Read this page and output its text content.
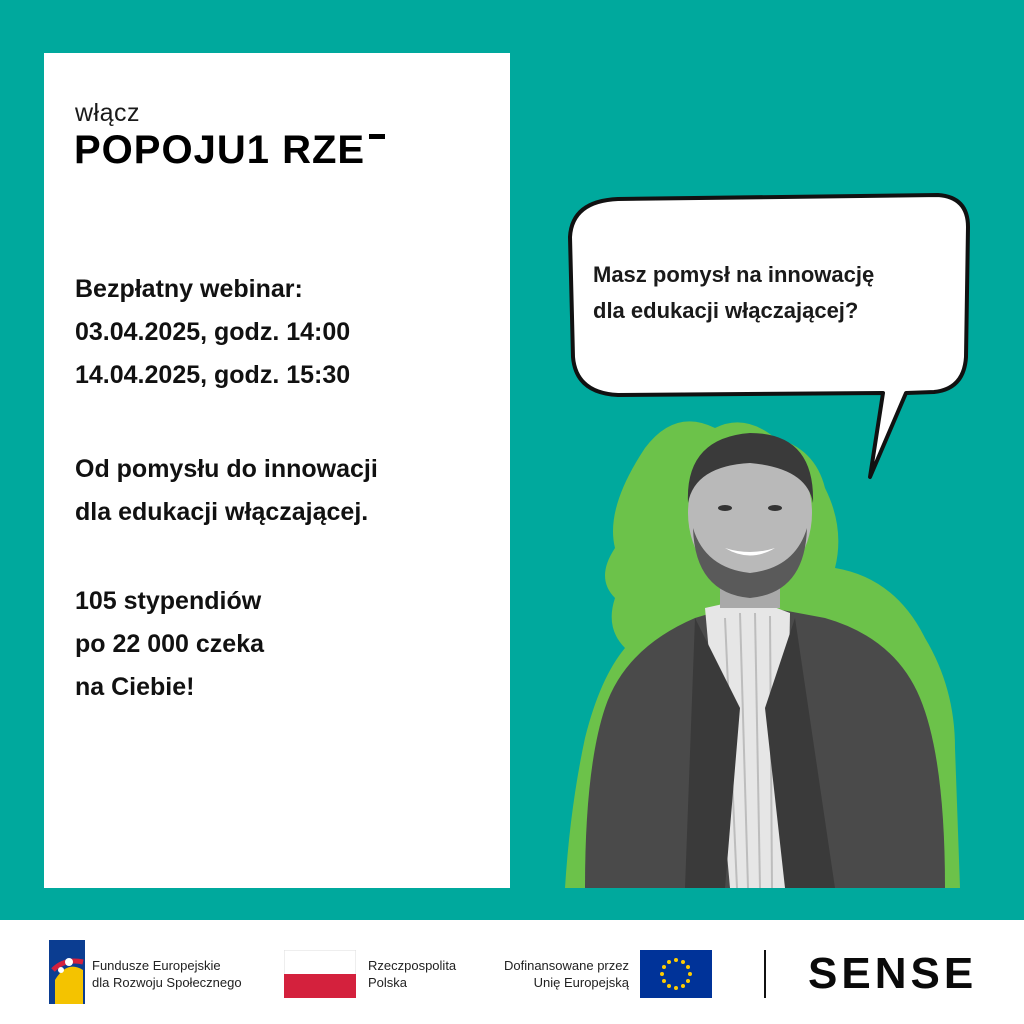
włącz
POPOJU1 RZE
Bezpłatny webinar:
03.04.2025, godz. 14:00
14.04.2025, godz. 15:30
Od pomysłu do innowacji
dla edukacji włączającej.
105 stypendiów
po 22 000 czeka
na Ciebie!
Masz pomysł na innowację
dla edukacji włączającej?
Fundusze Europejskie
dla Rozwoju Społecznego
Rzeczpospolita
Polska
Dofinansowane przez
Unię Europejską	SENSE
